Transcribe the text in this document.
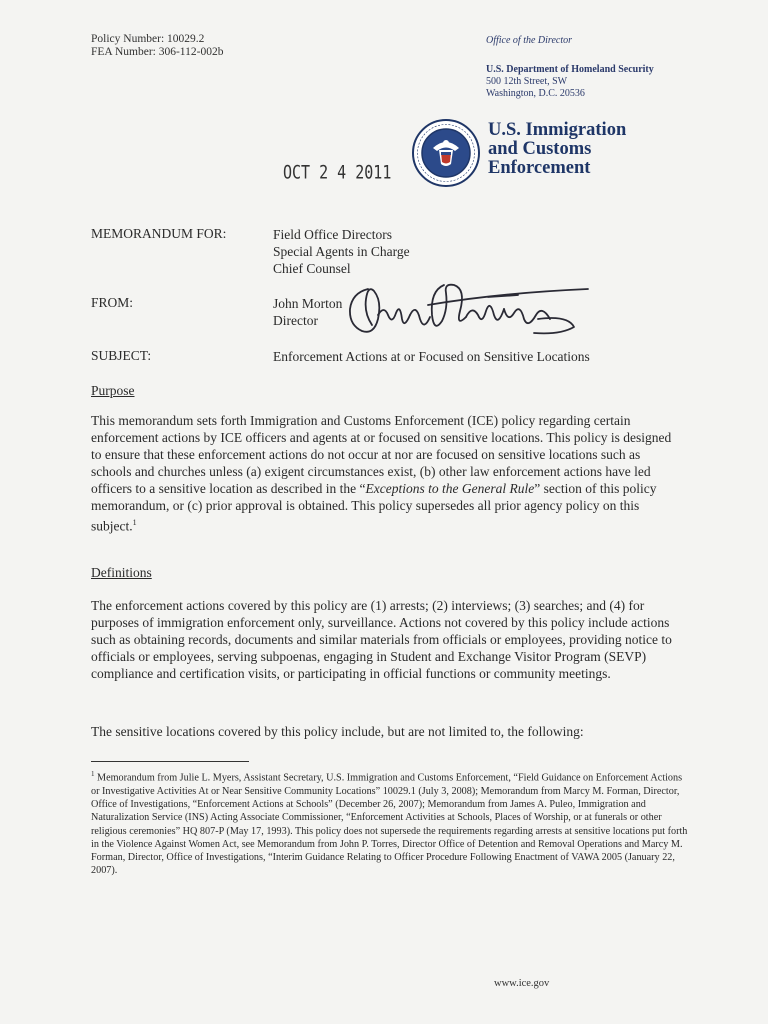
Policy Number: 10029.2
FEA Number: 306-112-002b
Office of the Director
U.S. Department of Homeland Security
500 12th Street, SW
Washington, D.C. 20536
U.S. Immigration
and Customs
Enforcement
OCT 2 4 2011
MEMORANDUM FOR:	Field Office Directors
Special Agents in Charge
Chief Counsel
FROM:	John Morton
Director
SUBJECT:	Enforcement Actions at or Focused on Sensitive Locations
Purpose

This memorandum sets forth Immigration and Customs Enforcement (ICE) policy regarding certain enforcement actions by ICE officers and agents at or focused on sensitive locations. This policy is designed to ensure that these enforcement actions do not occur at nor are focused on sensitive locations such as schools and churches unless (a) exigent circumstances exist, (b) other law enforcement actions have led officers to a sensitive location as described in the “Exceptions to the General Rule” section of this policy memorandum, or (c) prior approval is obtained. This policy supersedes all prior agency policy on this subject.$^1$

Definitions

The enforcement actions covered by this policy are (1) arrests; (2) interviews; (3) searches; and (4) for purposes of immigration enforcement only, surveillance. Actions not covered by this policy include actions such as obtaining records, documents and similar materials from officials or employees, providing notice to officials or employees, serving subpoenas, engaging in Student and Exchange Visitor Program (SEVP) compliance and certification visits, or participating in official functions or community meetings.

The sensitive locations covered by this policy include, but are not limited to, the following:

$^1$ Memorandum from Julie L. Myers, Assistant Secretary, U.S. Immigration and Customs Enforcement, “Field Guidance on Enforcement Actions or Investigative Activities At or Near Sensitive Community Locations” 10029.1 (July 3, 2008); Memorandum from Marcy M. Forman, Director, Office of Investigations, “Enforcement Actions at Schools” (December 26, 2007); Memorandum from James A. Puleo, Immigration and Naturalization Service (INS) Acting Associate Commissioner, “Enforcement Activities at Schools, Places of Worship, or at funerals or other religious ceremonies” HQ 807-P (May 17, 1993). This policy does not supersede the requirements regarding arrests at sensitive locations put forth in the Violence Against Women Act, see Memorandum from John P. Torres, Director Office of Detention and Removal Operations and Marcy M. Forman, Director, Office of Investigations, “Interim Guidance Relating to Officer Procedure Following Enactment of VAWA 2005 (January 22, 2007).
www.ice.gov
